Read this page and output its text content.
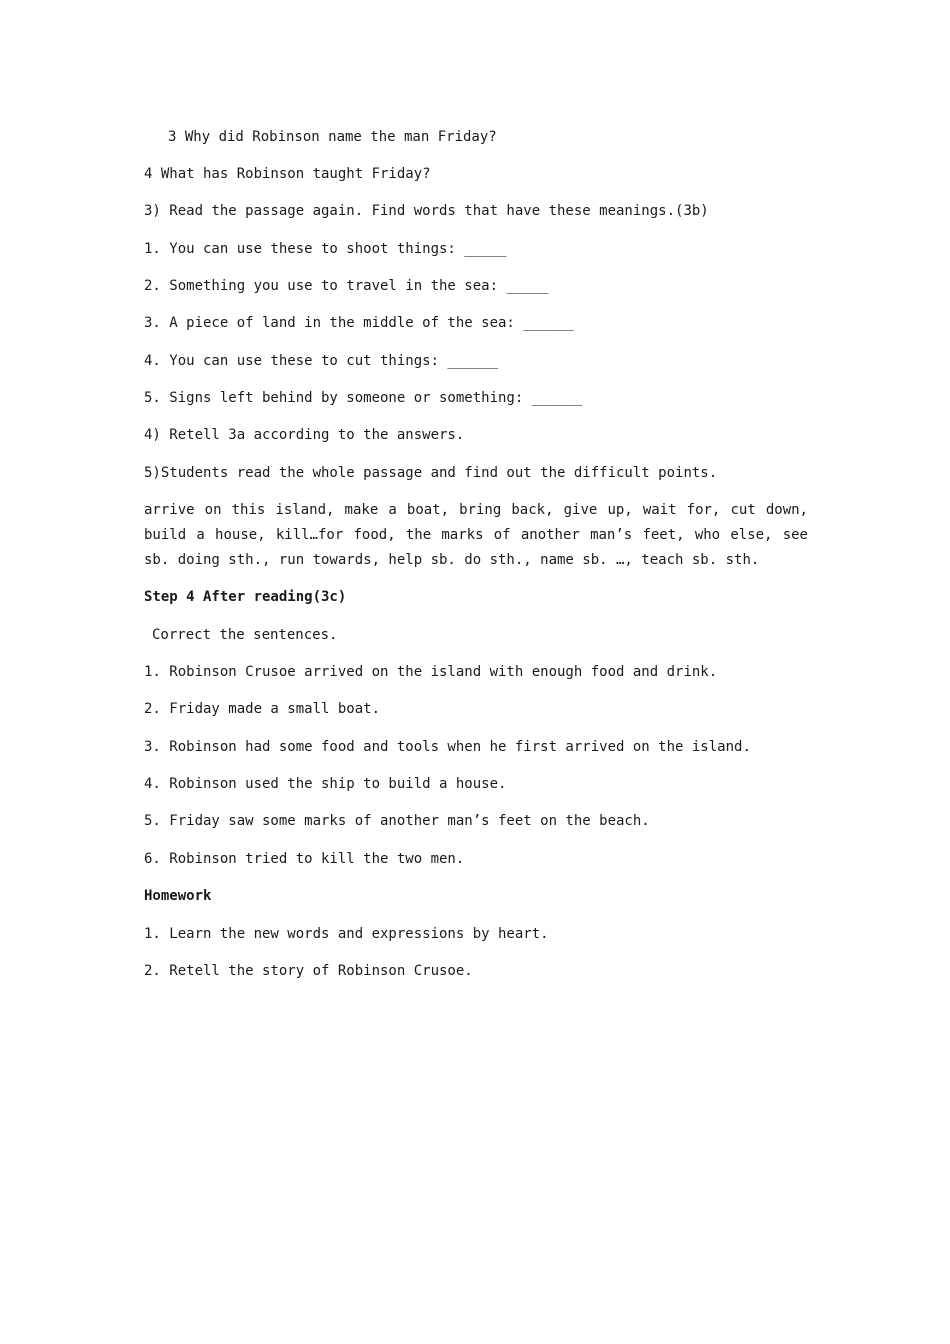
3 Why did Robinson name the man Friday?
4 What has Robinson taught Friday?
3) Read the passage again. Find words that have these meanings.(3b)
1. You can use these to shoot things: _____
2. Something you use to travel in the sea: _____
3. A piece of land in the middle of the sea: ______
4. You can use these to cut things: ______
5. Signs left behind by someone or something: ______
4) Retell 3a according to the answers.
5)Students read the whole passage and find out the difficult points.
arrive on this island, make a boat, bring back, give up, wait for, cut down, build a house, kill…for food, the marks of another man’s feet, who else, see sb. doing sth., run towards, help sb. do sth., name sb. …, teach sb. sth.
Step 4 After reading(3c)
Correct the sentences.
1. Robinson Crusoe arrived on the island with enough food and drink.
2. Friday made a small boat.
3. Robinson had some food and tools when he first arrived on the island.
4. Robinson used the ship to build a house.
5. Friday saw some marks of another man’s feet on the beach.
6. Robinson tried to kill the two men.
Homework
1. Learn the new words and expressions by heart.
2. Retell the story of Robinson Crusoe.
